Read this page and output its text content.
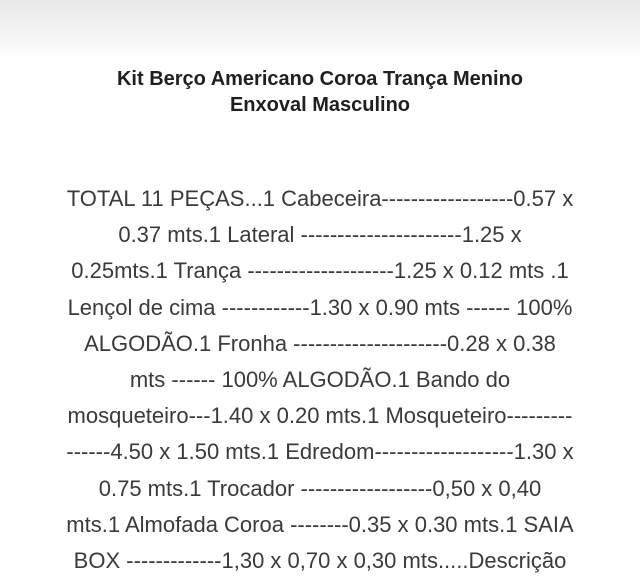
Kit Berço Americano Coroa Trança Menino
Enxoval Masculino
TOTAL 11 PEÇAS...1 Cabeceira------------------0.57 x
0.37 mts.1 Lateral ----------------------1.25 x
0.25mts.1 Trança --------------------1.25 x 0.12 mts .1
Lençol de cima ------------1.30 x 0.90 mts ------ 100%
ALGODÃO.1 Fronha ---------------------0.28 x 0.38
mts ------ 100% ALGODÃO.1 Bando do
mosqueteiro---1.40 x 0.20 mts.1 Mosqueteiro---------
------4.50 x 1.50 mts.1 Edredom-------------------1.30 x
0.75 mts.1 Trocador ------------------0,50 x 0,40
mts.1 Almofada Coroa --------0.35 x 0.30 mts.1 SAIA
BOX -------------1,30 x 0,70 x 0,30 mts.....Descrição
